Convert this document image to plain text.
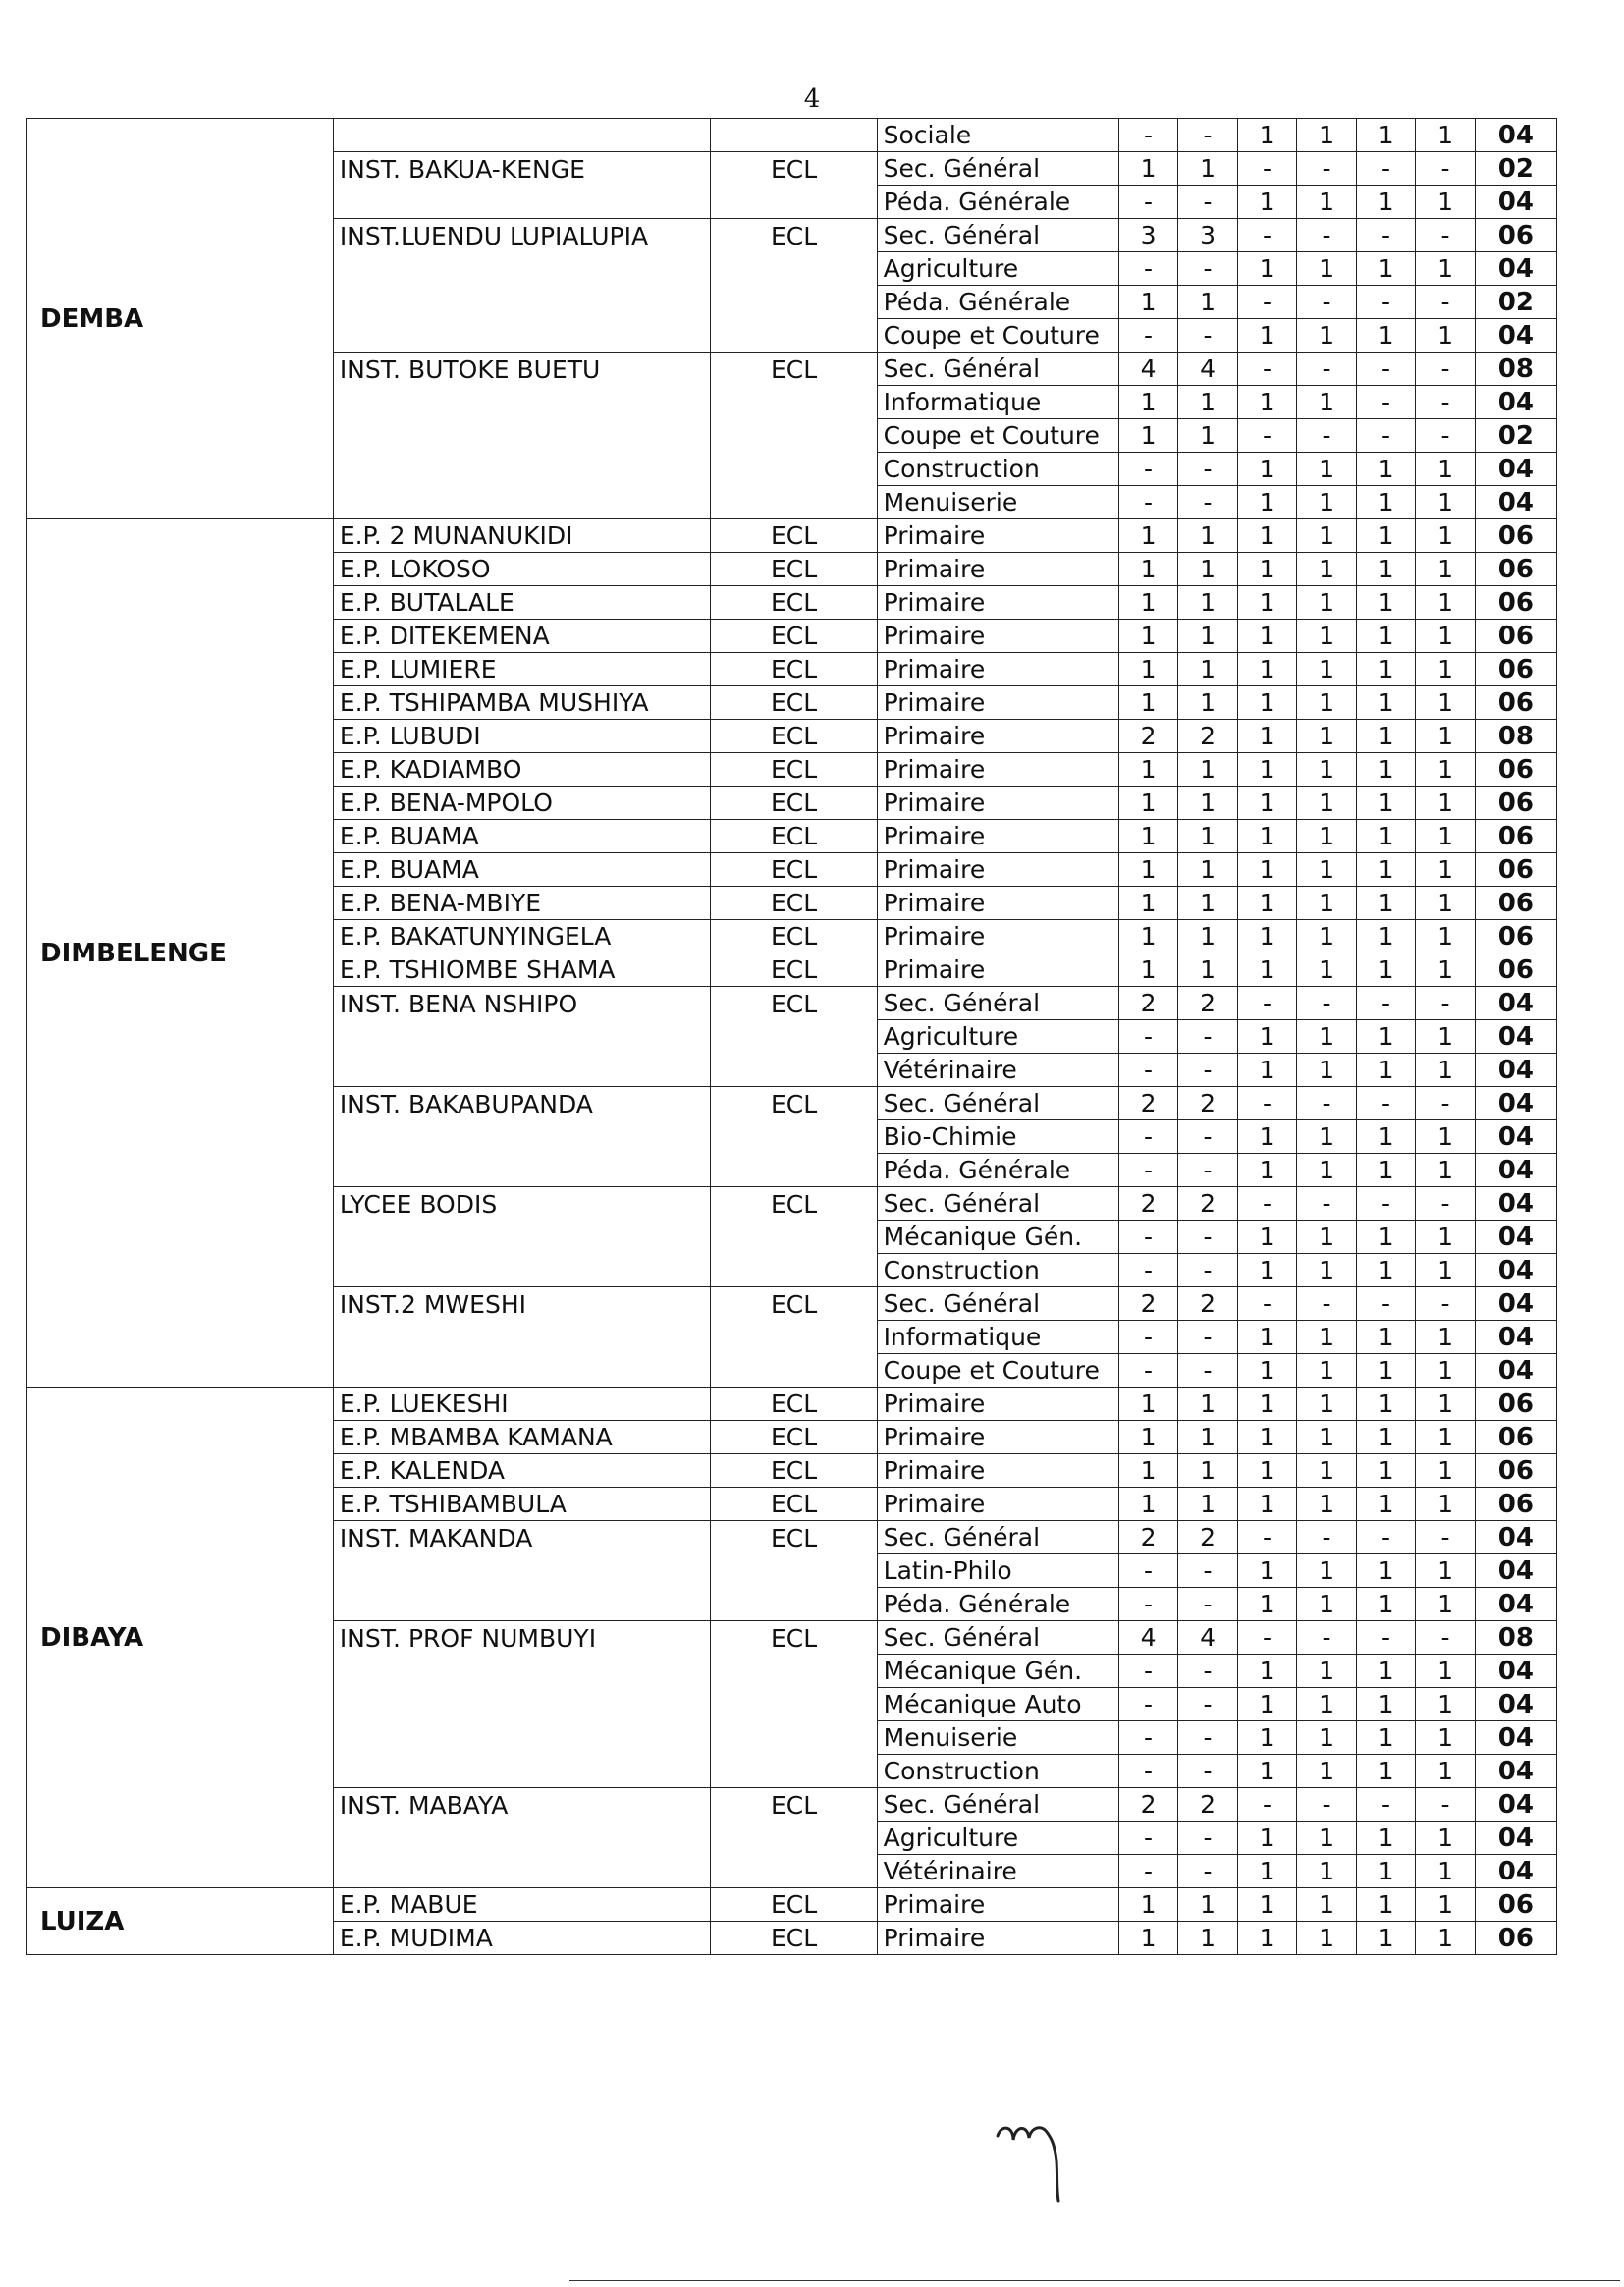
4
DEMBA			Sociale	-	-	1	1	1	1	04
	INST. BAKUA-KENGE	ECL	Sec. Général	1	1	-	-	-	-	02
			Péda. Générale	-	-	1	1	1	1	04
	INST.LUENDU LUPIALUPIA	ECL	Sec. Général	3	3	-	-	-	-	06
			Agriculture	-	-	1	1	1	1	04
			Péda. Générale	1	1	-	-	-	-	02
			Coupe et Couture	-	-	1	1	1	1	04
	INST. BUTOKE BUETU	ECL	Sec. Général	4	4	-	-	-	-	08
			Informatique	1	1	1	1	-	-	04
			Coupe et Couture	1	1	-	-	-	-	02
			Construction	-	-	1	1	1	1	04
			Menuiserie	-	-	1	1	1	1	04
DIMBELENGE	E.P. 2 MUNANUKIDI	ECL	Primaire	1	1	1	1	1	1	06
	E.P. LOKOSO	ECL	Primaire	1	1	1	1	1	1	06
	E.P. BUTALALE	ECL	Primaire	1	1	1	1	1	1	06
	E.P. DITEKEMENA	ECL	Primaire	1	1	1	1	1	1	06
	E.P. LUMIERE	ECL	Primaire	1	1	1	1	1	1	06
	E.P. TSHIPAMBA MUSHIYA	ECL	Primaire	1	1	1	1	1	1	06
	E.P. LUBUDI	ECL	Primaire	2	2	1	1	1	1	08
	E.P. KADIAMBO	ECL	Primaire	1	1	1	1	1	1	06
	E.P. BENA-MPOLO	ECL	Primaire	1	1	1	1	1	1	06
	E.P. BUAMA	ECL	Primaire	1	1	1	1	1	1	06
	E.P. BUAMA	ECL	Primaire	1	1	1	1	1	1	06
	E.P. BENA-MBIYE	ECL	Primaire	1	1	1	1	1	1	06
	E.P. BAKATUNYINGELA	ECL	Primaire	1	1	1	1	1	1	06
	E.P. TSHIOMBE SHAMA	ECL	Primaire	1	1	1	1	1	1	06
	INST. BENA NSHIPO	ECL	Sec. Général	2	2	-	-	-	-	04
			Agriculture	-	-	1	1	1	1	04
			Vétérinaire	-	-	1	1	1	1	04
	INST. BAKABUPANDA	ECL	Sec. Général	2	2	-	-	-	-	04
			Bio-Chimie	-	-	1	1	1	1	04
			Péda. Générale	-	-	1	1	1	1	04
	LYCEE BODIS	ECL	Sec. Général	2	2	-	-	-	-	04
			Mécanique Gén.	-	-	1	1	1	1	04
			Construction	-	-	1	1	1	1	04
	INST.2 MWESHI	ECL	Sec. Général	2	2	-	-	-	-	04
			Informatique	-	-	1	1	1	1	04
			Coupe et Couture	-	-	1	1	1	1	04
DIBAYA	E.P. LUEKESHI	ECL	Primaire	1	1	1	1	1	1	06
	E.P. MBAMBA KAMANA	ECL	Primaire	1	1	1	1	1	1	06
	E.P. KALENDA	ECL	Primaire	1	1	1	1	1	1	06
	E.P. TSHIBAMBULA	ECL	Primaire	1	1	1	1	1	1	06
	INST. MAKANDA	ECL	Sec. Général	2	2	-	-	-	-	04
			Latin-Philo	-	-	1	1	1	1	04
			Péda. Générale	-	-	1	1	1	1	04
	INST. PROF NUMBUYI	ECL	Sec. Général	4	4	-	-	-	-	08
			Mécanique Gén.	-	-	1	1	1	1	04
			Mécanique Auto	-	-	1	1	1	1	04
			Menuiserie	-	-	1	1	1	1	04
			Construction	-	-	1	1	1	1	04
	INST. MABAYA	ECL	Sec. Général	2	2	-	-	-	-	04
			Agriculture	-	-	1	1	1	1	04
			Vétérinaire	-	-	1	1	1	1	04
LUIZA	E.P. MABUE	ECL	Primaire	1	1	1	1	1	1	06
	E.P. MUDIMA	ECL	Primaire	1	1	1	1	1	1	06
